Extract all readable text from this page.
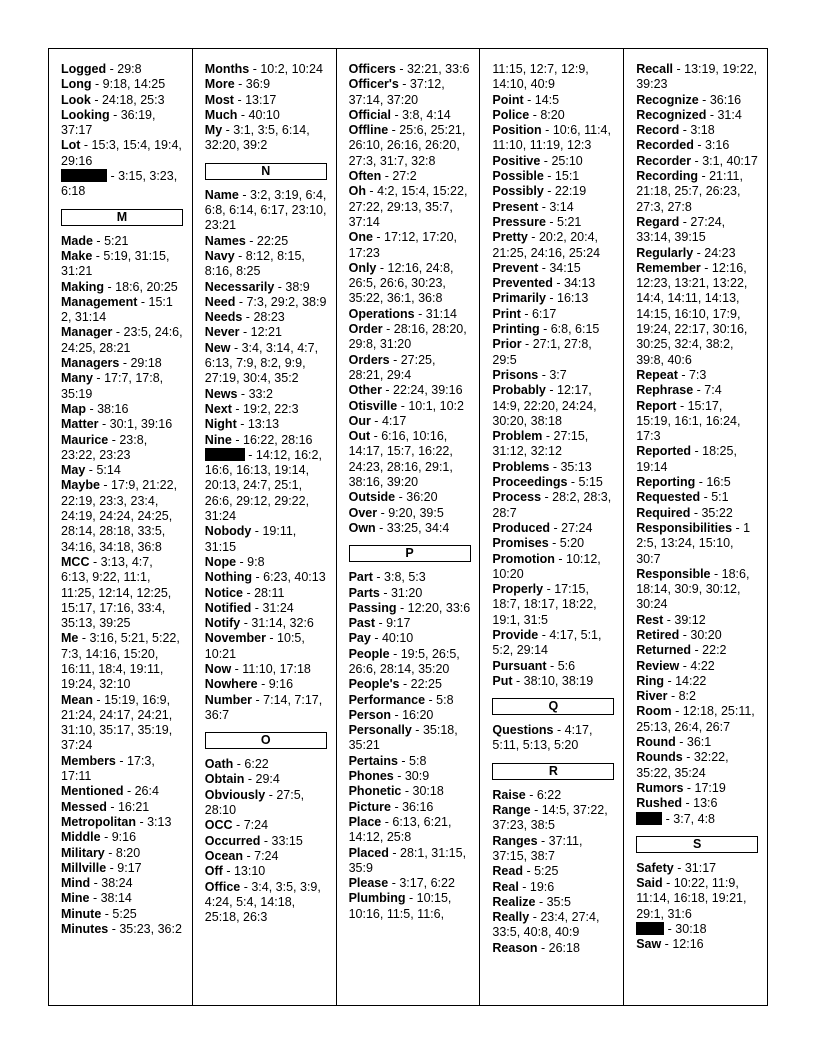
Logged - 29:8
Long - 9:18, 14:25
Look - 24:18, 25:3
Looking - 36:19, 37:17
Lot - 15:3, 15:4, 19:4, 29:16
- 3:15, 3:23, 6:18
M
Made - 5:21
Make - 5:19, 31:15, 31:21
Making - 18:6, 20:25
Management - 15:1 2, 31:14
Manager - 23:5, 24:6, 24:25, 28:21
Managers - 29:18
Many - 17:7, 17:8, 35:19
Map - 38:16
Matter - 30:1, 39:16
Maurice - 23:8, 23:22, 23:23
May - 5:14
Maybe - 17:9, 21:22, 22:19, 23:3, 23:4, 24:19, 24:24, 24:25, 28:14, 28:18, 33:5, 34:16, 34:18, 36:8
MCC - 3:13, 4:7, 6:13, 9:22, 11:1, 11:25, 12:14, 12:25, 15:17, 17:16, 33:4, 35:13, 39:25
Me - 3:16, 5:21, 5:22, 7:3, 14:16, 15:20, 16:11, 18:4, 19:11, 19:24, 32:10
Mean - 15:19, 16:9, 21:24, 24:17, 24:21, 31:10, 35:17, 35:19, 37:24
Members - 17:3, 17:11
Mentioned - 26:4
Messed - 16:21
Metropolitan - 3:13
Middle - 9:16
Military - 8:20
Millville - 9:17
Mind - 38:24
Mine - 38:14
Minute - 5:25
Minutes - 35:23, 36:2
Months - 10:2, 10:24
More - 36:9
Most - 13:17
Much - 40:10
My - 3:1, 3:5, 6:14, 32:20, 39:2
N
Name - 3:2, 3:19, 6:4, 6:8, 6:14, 6:17, 23:10, 23:21
Names - 22:25
Navy - 8:12, 8:15, 8:16, 8:25
Necessarily - 38:9
Need - 7:3, 29:2, 38:9
Needs - 28:23
Never - 12:21
New - 3:4, 3:14, 4:7, 6:13, 7:9, 8:2, 9:9, 27:19, 30:4, 35:2
News - 33:2
Next - 19:2, 22:3
Night - 13:13
Nine - 16:22, 28:16
- 14:12, 16:2, 16:6, 16:13, 19:14, 20:13, 24:7, 25:1, 26:6, 29:12, 29:22, 31:24
Nobody - 19:11, 31:15
Nope - 9:8
Nothing - 6:23, 40:13
Notice - 28:11
Notified - 31:24
Notify - 31:14, 32:6
November - 10:5, 10:21
Now - 11:10, 17:18
Nowhere - 9:16
Number - 7:14, 7:17, 36:7
O
Oath - 6:22
Obtain - 29:4
Obviously - 27:5, 28:10
OCC - 7:24
Occurred - 33:15
Ocean - 7:24
Off - 13:10
Office - 3:4, 3:5, 3:9, 4:24, 5:4, 14:18, 25:18, 26:3
Officers - 32:21, 33:6
Officer's - 37:12, 37:14, 37:20
Official - 3:8, 4:14
Offline - 25:6, 25:21, 26:10, 26:16, 26:20, 27:3, 31:7, 32:8
Often - 27:2
Oh - 4:2, 15:4, 15:22, 27:22, 29:13, 35:7, 37:14
One - 17:12, 17:20, 17:23
Only - 12:16, 24:8, 26:5, 26:6, 30:23, 35:22, 36:1, 36:8
Operations - 31:14
Order - 28:16, 28:20, 29:8, 31:20
Orders - 27:25, 28:21, 29:4
Other - 22:24, 39:16
Otisville - 10:1, 10:2
Our - 4:17
Out - 6:16, 10:16, 14:17, 15:7, 16:22, 24:23, 28:16, 29:1, 38:16, 39:20
Outside - 36:20
Over - 9:20, 39:5
Own - 33:25, 34:4
P
Part - 3:8, 5:3
Parts - 31:20
Passing - 12:20, 33:6
Past - 9:17
Pay - 40:10
People - 19:5, 26:5, 26:6, 28:14, 35:20
People's - 22:25
Performance - 5:8
Person - 16:20
Personally - 35:18, 35:21
Pertains - 5:8
Phones - 30:9
Phonetic - 30:18
Picture - 36:16
Place - 6:13, 6:21, 14:12, 25:8
Placed - 28:1, 31:15, 35:9
Please - 3:17, 6:22
Plumbing - 10:15, 10:16, 11:5, 11:6,
11:15, 12:7, 12:9, 14:10, 40:9
Point - 14:5
Police - 8:20
Position - 10:6, 11:4, 11:10, 11:19, 12:3
Positive - 25:10
Possible - 15:1
Possibly - 22:19
Present - 3:14
Pressure - 5:21
Pretty - 20:2, 20:4, 21:25, 24:16, 25:24
Prevent - 34:15
Prevented - 34:13
Primarily - 16:13
Print - 6:17
Printing - 6:8, 6:15
Prior - 27:1, 27:8, 29:5
Prisons - 3:7
Probably - 12:17, 14:9, 22:20, 24:24, 30:20, 38:18
Problem - 27:15, 31:12, 32:12
Problems - 35:13
Proceedings - 5:15
Process - 28:2, 28:3, 28:7
Produced - 27:24
Promises - 5:20
Promotion - 10:12, 10:20
Properly - 17:15, 18:7, 18:17, 18:22, 19:1, 31:5
Provide - 4:17, 5:1, 5:2, 29:14
Pursuant - 5:6
Put - 38:10, 38:19
Q
Questions - 4:17, 5:11, 5:13, 5:20
R
Raise - 6:22
Range - 14:5, 37:22, 37:23, 38:5
Ranges - 37:11, 37:15, 38:7
Read - 5:25
Real - 19:6
Realize - 35:5
Really - 23:4, 27:4, 33:5, 40:8, 40:9
Reason - 26:18
Recall - 13:19, 19:22, 39:23
Recognize - 36:16
Recognized - 31:4
Record - 3:18
Recorded - 3:16
Recorder - 3:1, 40:17
Recording - 21:11, 21:18, 25:7, 26:23, 27:3, 27:8
Regard - 27:24, 33:14, 39:15
Regularly - 24:23
Remember - 12:16, 12:23, 13:21, 13:22, 14:4, 14:11, 14:13, 14:15, 16:10, 17:9, 19:24, 22:17, 30:16, 30:25, 32:4, 38:2, 39:8, 40:6
Repeat - 7:3
Rephrase - 7:4
Report - 15:17, 15:19, 16:1, 16:24, 17:3
Reported - 18:25, 19:14
Reporting - 16:5
Requested - 5:1
Required - 35:22
Responsibilities - 1 2:5, 13:24, 15:10, 30:7
Responsible - 18:6, 18:14, 30:9, 30:12, 30:24
Rest - 39:12
Retired - 30:20
Returned - 22:2
Review - 4:22
Ring - 14:22
River - 8:2
Room - 12:18, 25:11, 25:13, 26:4, 26:7
Round - 36:1
Rounds - 32:22, 35:22, 35:24
Rumors - 17:19
Rushed - 13:6
- 3:7, 4:8
S
Safety - 31:17
Said - 10:22, 11:9, 11:14, 16:18, 19:21, 29:1, 31:6
- 30:18
Saw - 12:16
